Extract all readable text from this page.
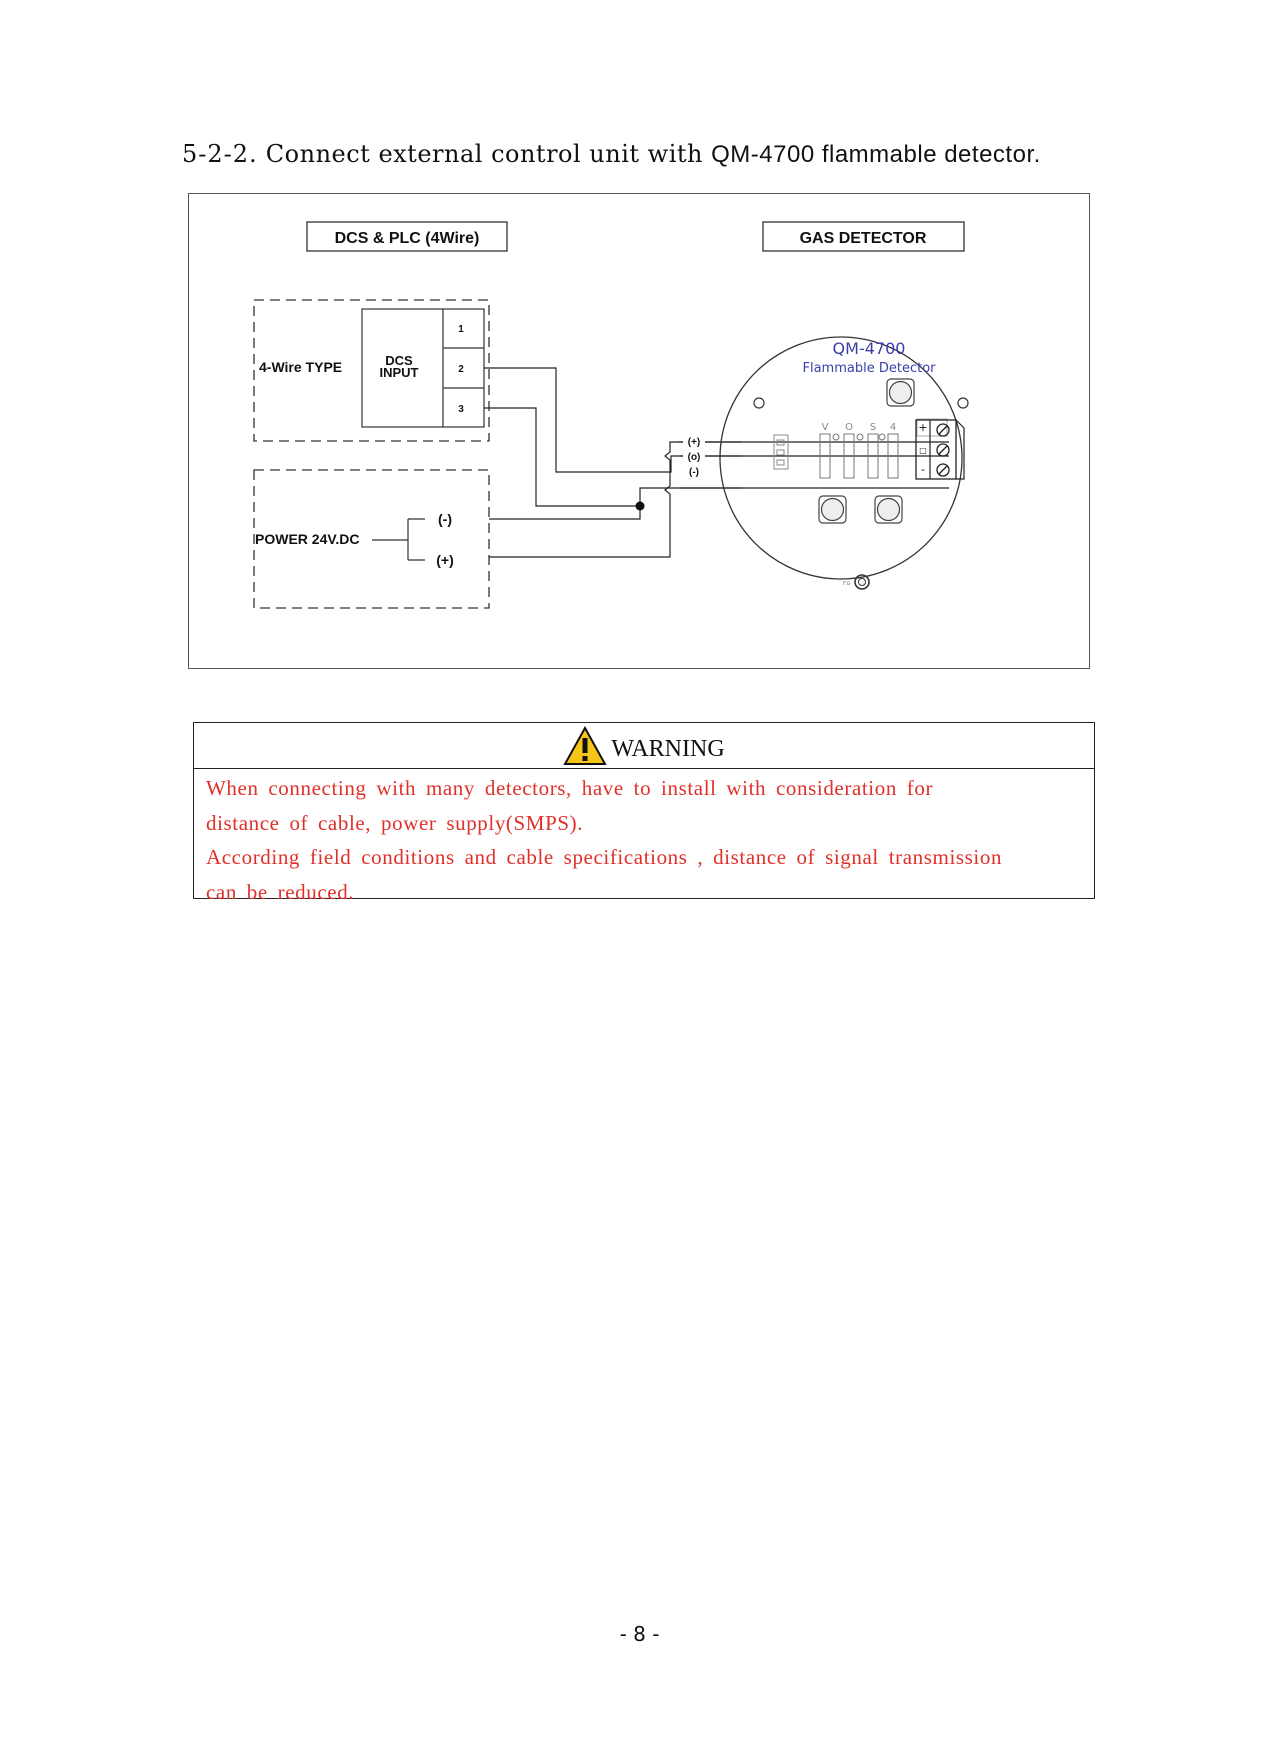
5-2-2. Connect external control unit with QM-4700 flammable detector.
DCS & PLC (4Wire)	GAS DETECTOR
4-Wire TYPE	DCS
INPUT
1
2
3
POWER 24V.DC
(-)
(+)
(+)
(o)
(-)
QM-4700
Flammable Detector
F.G
V O S 4 +
□
-
WARNING

When connecting with many detectors, have to install with consideration for

distance of cable, power supply(SMPS).

According field conditions and cable specifications , distance of signal transmission

can be reduced.

- 8 -
